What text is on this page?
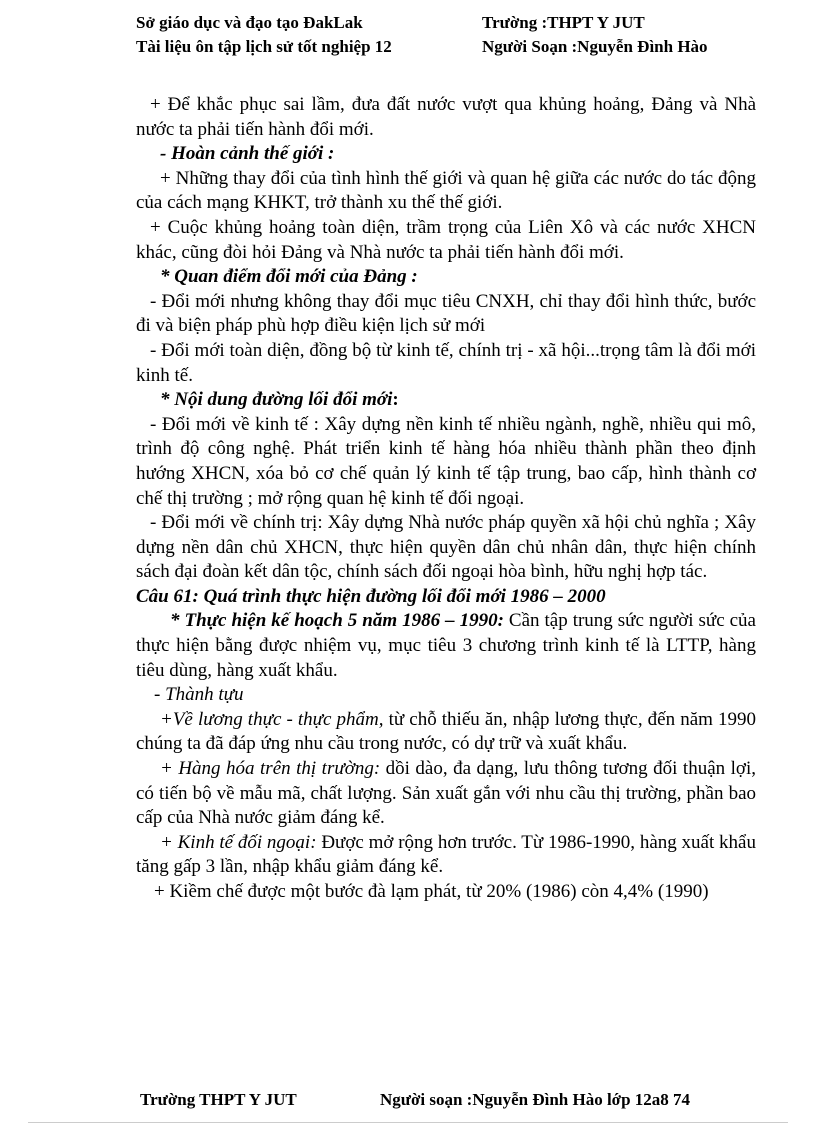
Sở giáo dục và đạo tạo ĐakLak	Trường :THPT Y JUT
Tài liệu ôn tập lịch sử tốt nghiệp 12	Người Soạn :Nguyễn Đình Hào

+ Để khắc phục sai lầm, đưa đất nước vượt qua khủng hoảng, Đảng và Nhà nước ta phải tiến hành đổi mới.

- Hoàn cảnh thế giới :

+ Những thay đổi của tình hình thế giới và quan hệ giữa các nước do tác động của cách mạng KHKT, trở thành xu thế thế giới.

+ Cuộc khủng hoảng toàn diện, trầm trọng của Liên Xô và các nước XHCN khác, cũng đòi hỏi Đảng và Nhà nước ta phải tiến hành đổi mới.

* Quan điểm đổi mới của Đảng :

- Đổi mới nhưng không thay đổi mục tiêu CNXH, chỉ thay đổi hình thức, bước đi và biện pháp phù hợp điều kiện lịch sử mới

- Đổi mới toàn diện, đồng bộ từ kinh tế, chính trị - xã hội...trọng tâm là đổi mới kinh tế.

* Nội dung đường lối đổi mới:

- Đổi mới về kinh tế : Xây dựng nền kinh tế nhiều ngành, nghề, nhiều qui mô, trình độ công nghệ. Phát triển kinh tế hàng hóa nhiều thành phần theo định hướng XHCN, xóa bỏ cơ chế quản lý kinh tế tập trung, bao cấp, hình thành cơ chế thị trường ; mở rộng quan hệ kinh tế đối ngoại.

- Đổi mới về chính trị: Xây dựng Nhà nước pháp quyền xã hội chủ nghĩa ; Xây dựng nền dân chủ XHCN, thực hiện quyền dân chủ nhân dân, thực hiện chính sách đại đoàn kết dân tộc, chính sách đối ngoại hòa bình, hữu nghị hợp tác.

Câu 61: Quá trình thực hiện đường lối đổi mới 1986 – 2000

* Thực hiện kế hoạch 5 năm 1986 – 1990: Cần tập trung sức người sức của thực hiện bằng được nhiệm vụ, mục tiêu 3 chương trình kinh tế là LTTP, hàng tiêu dùng, hàng xuất khẩu.

- Thành tựu

+Về lương thực - thực phẩm, từ chỗ thiếu ăn, nhập lương thực, đến năm 1990 chúng ta đã đáp ứng nhu cầu trong nước, có dự trữ và xuất khẩu.

+ Hàng hóa trên thị trường: dồi dào, đa dạng, lưu thông tương đối thuận lợi, có tiến bộ về mẫu mã, chất lượng. Sản xuất gắn với nhu cầu thị trường, phần bao cấp của Nhà nước giảm đáng kể.

+ Kinh tế đối ngoại: Được mở rộng hơn trước. Từ 1986-1990, hàng xuất khẩu tăng gấp 3 lần, nhập khẩu giảm đáng kể.

+ Kiềm chế được một bước đà lạm phát, từ 20% (1986) còn 4,4% (1990)

Trường THPT Y JUT	Người soạn :Nguyễn Đình Hào lớp 12a8 74
